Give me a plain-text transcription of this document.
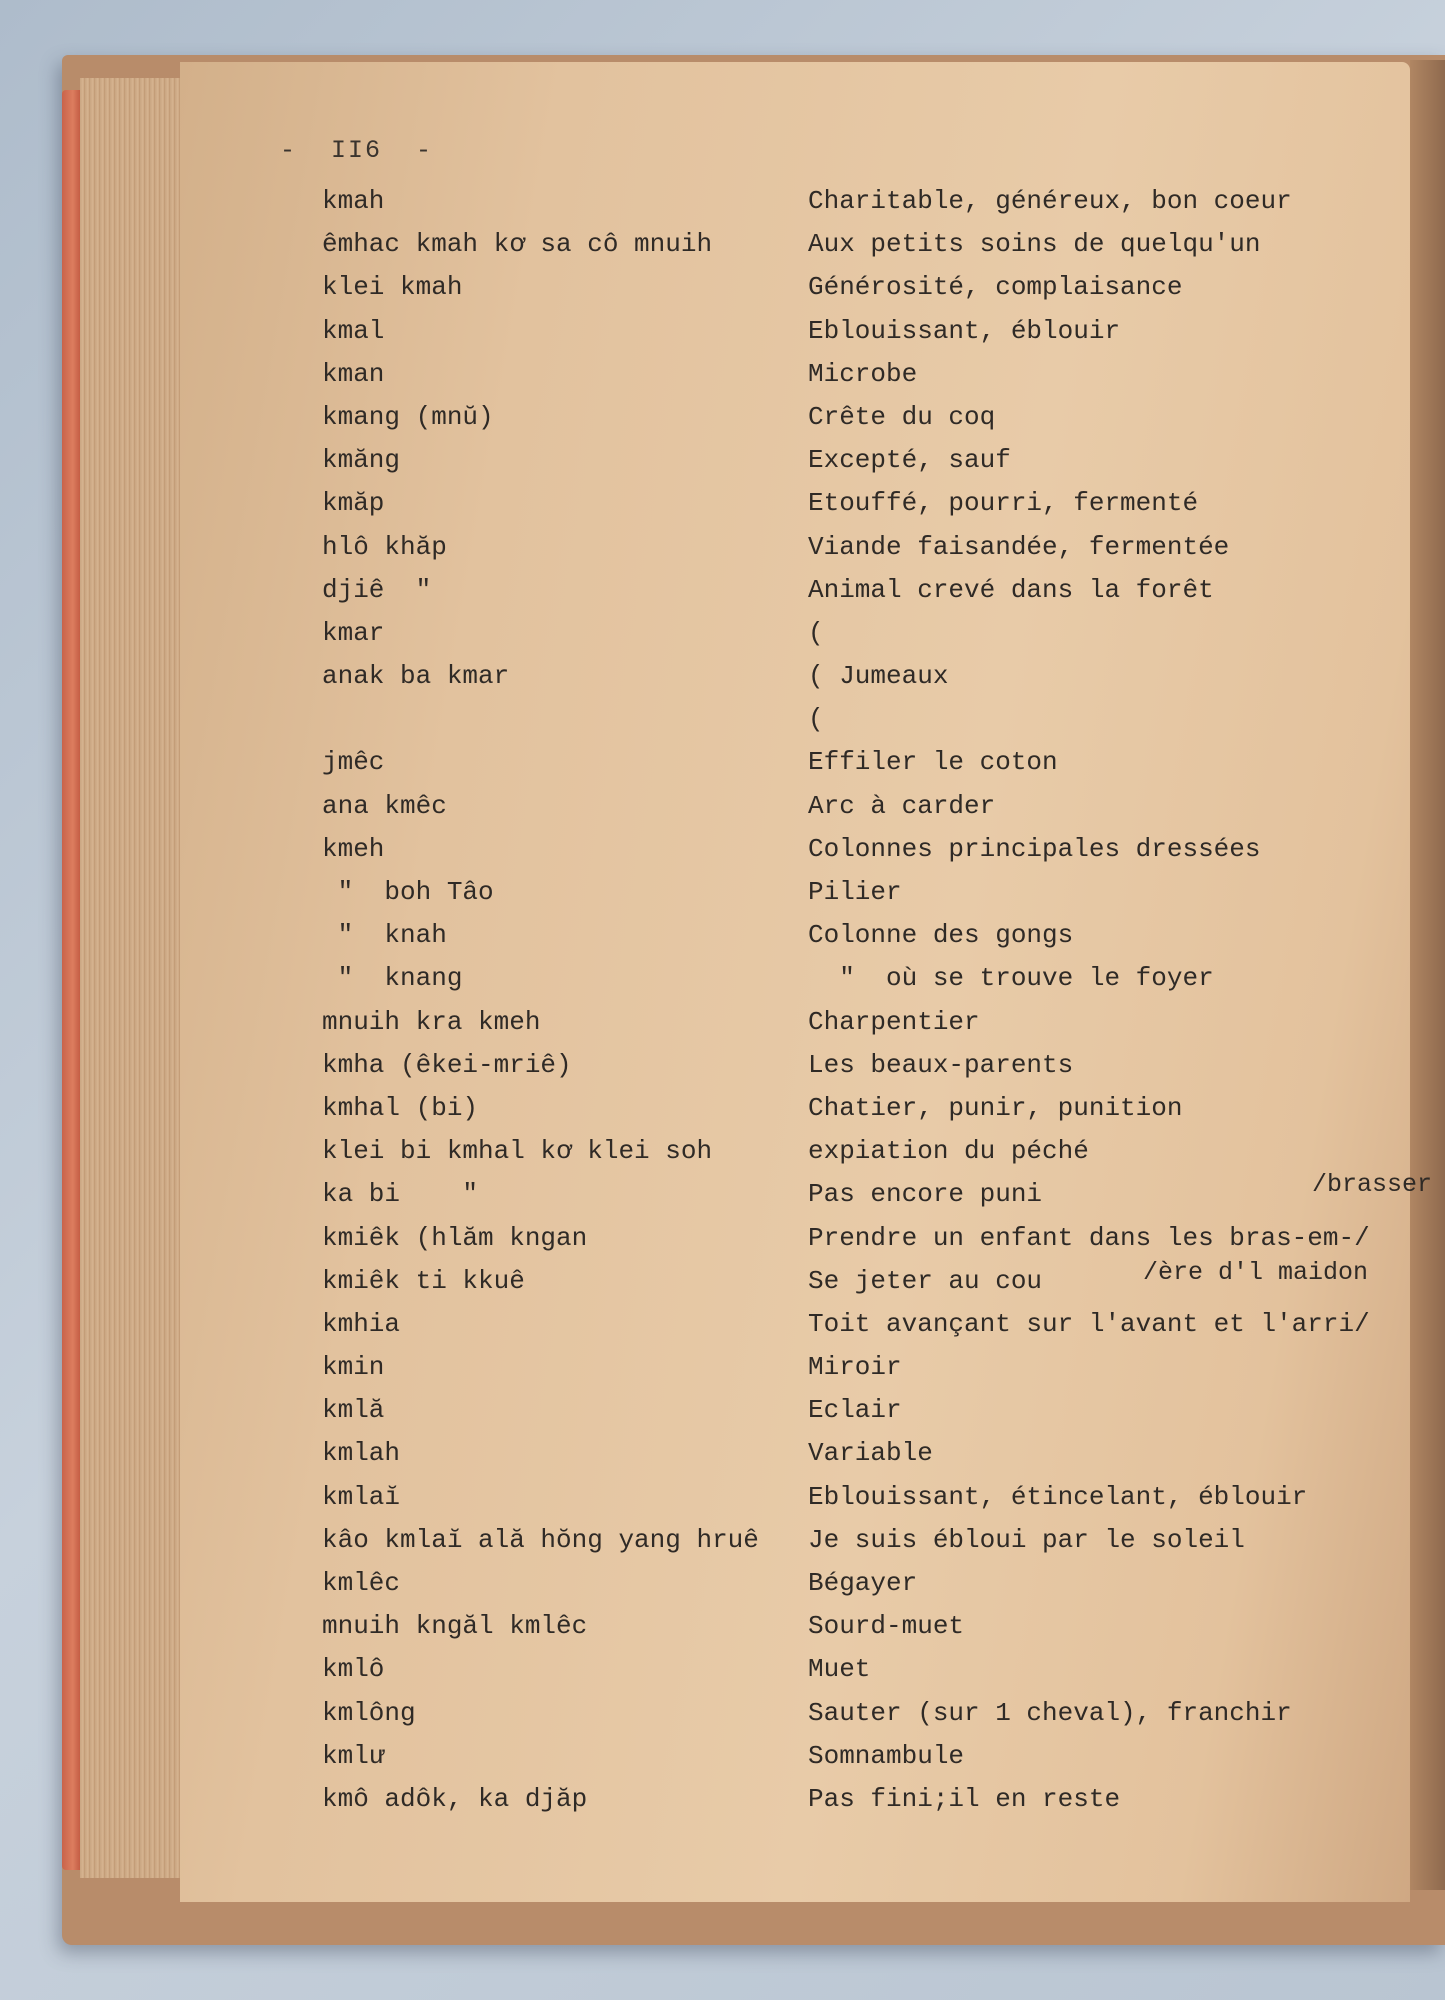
-  II6  -
kmah
êmhac kmah kơ sa cô mnuih
klei kmah
kmal
kman
kmang (mnŭ)
kmăng
kmăp
hlô khăp
djiê  "
kmar
anak ba kmar
jmêc
ana kmêc
kmeh
"  boh Tâo
"  knah
"  knang
mnuih kra kmeh
kmha (êkei-mriê)
kmhal (bi)
klei bi kmhal kơ klei soh
ka bi    "
kmiêk (hlăm kngan
kmiêk ti kkuê
kmhia
kmin
kmlă
kmlah
kmlaĭ
kâo kmlaĭ ală hŏng yang hruê
kmlêc
mnuih kngăl kmlêc
kmlô
kmlông
kmlư
kmô adôk, ka djăp
Charitable, généreux, bon coeur
Aux petits soins de quelqu'un
Générosité, complaisance
Eblouissant, éblouir
Microbe
Crête du coq
Excepté, sauf
Etouffé, pourri, fermenté
Viande faisandée, fermentée
Animal crevé dans la forêt
(
( Jumeaux
(
Effiler le coton
Arc à carder
Colonnes principales dressées
Pilier
Colonne des gongs
"  où se trouve le foyer
Charpentier
Les beaux-parents
Chatier, punir, punition
expiation du péché
Pas encore puni
Prendre un enfant dans les bras-em-/
Se jeter au cou
Toit avançant sur l'avant et l'arri/
Miroir
Eclair
Variable
Eblouissant, étincelant, éblouir
Je suis ébloui par le soleil
Bégayer
Sourd-muet
Muet
Sauter (sur 1 cheval), franchir
Somnambule
Pas fini;il en reste
/brasser
/ère d'l maidon
